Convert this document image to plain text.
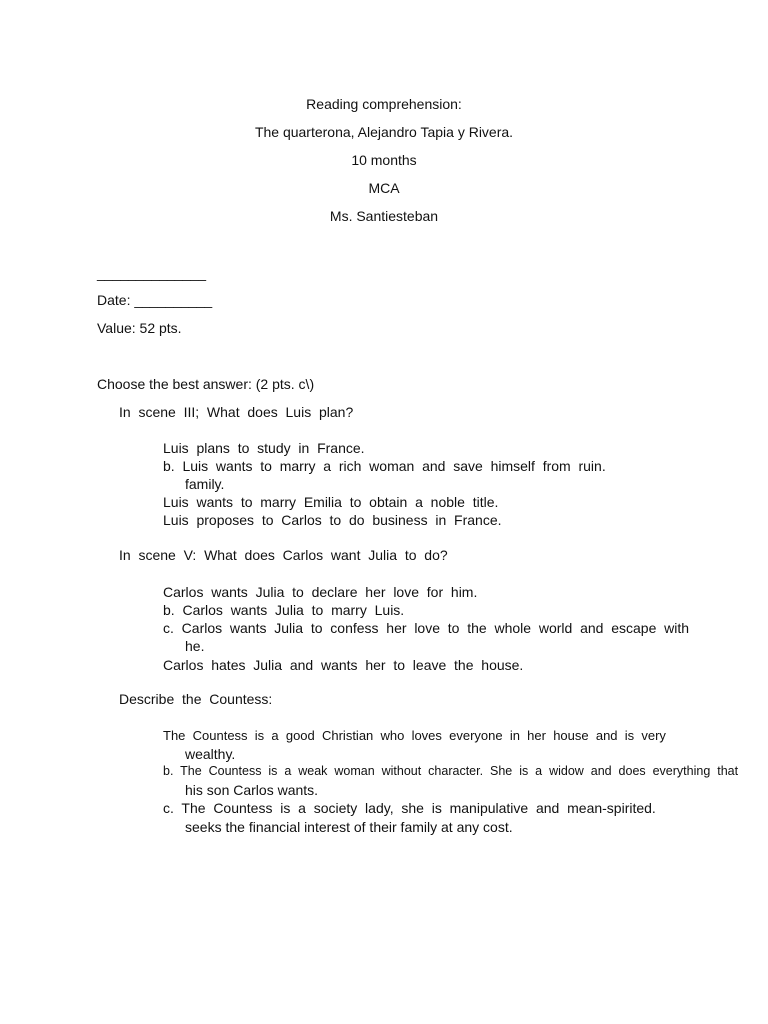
Reading comprehension:
The quarterona, Alejandro Tapia y Rivera.
10 months
MCA
Ms. Santiesteban
______________
Date: __________
Value: 52 pts.
Choose the best answer: (2 pts. c\)
In  scene  III;  What  does  Luis  plan?
Luis  plans  to  study  in  France.
b.  Luis  wants  to  marry  a  rich  woman  and  save  himself  from  ruin.
family.
Luis  wants  to  marry  Emilia  to  obtain  a  noble  title.
Luis  proposes  to  Carlos  to  do  business  in  France.
In  scene  V:  What  does  Carlos  want  Julia  to  do?
Carlos  wants  Julia  to  declare  her  love  for  him.
b.  Carlos  wants  Julia  to  marry  Luis.
c.  Carlos  wants  Julia  to  confess  her  love  to  the  whole  world  and  escape  with
he.
Carlos  hates  Julia  and  wants  her  to  leave  the  house.
Describe  the  Countess:
The  Countess  is  a  good  Christian  who  loves  everyone  in  her  house  and  is  very
wealthy.
b.  The  Countess  is  a  weak  woman  without  character.  She  is  a  widow  and  does  everything  that
his son Carlos wants.
c.  The  Countess  is  a  society  lady,  she  is  manipulative  and  mean-spirited.
seeks the financial interest of their family at any cost.
